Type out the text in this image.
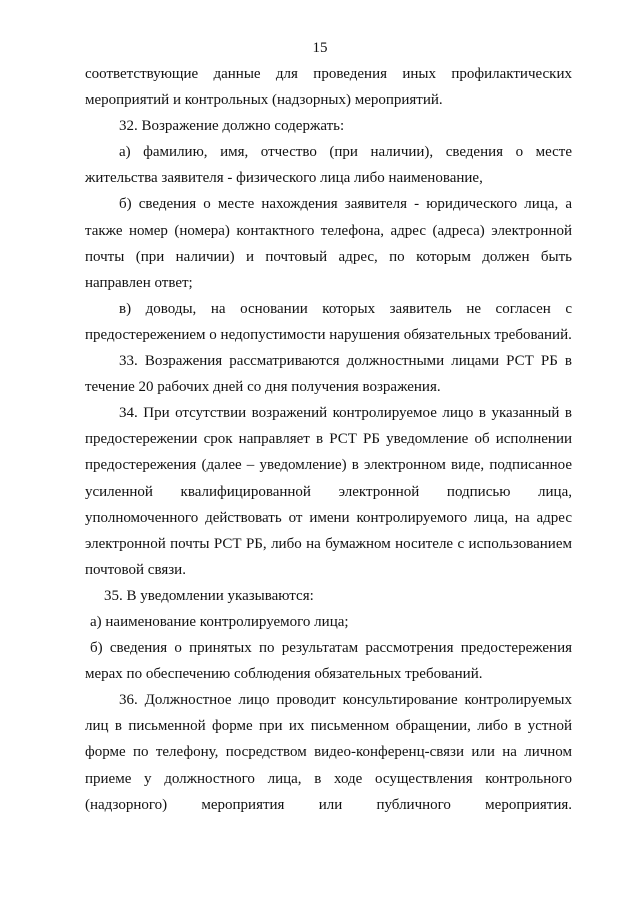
15

соответствующие данные для проведения иных профилактических мероприятий и контрольных (надзорных) мероприятий.

32. Возражение должно содержать:

а) фамилию, имя, отчество (при наличии), сведения о месте жительства заявителя - физического лица либо наименование,

б) сведения о месте нахождения заявителя - юридического лица, а также номер (номера) контактного телефона, адрес (адреса) электронной почты (при наличии) и почтовый адрес, по которым должен быть направлен ответ;

в) доводы, на основании которых заявитель не согласен с предостережением о недопустимости нарушения обязательных требований.

33. Возражения рассматриваются должностными лицами РСТ РБ в течение 20 рабочих дней со дня получения возражения.

34. При отсутствии возражений контролируемое лицо в указанный в предостережении срок направляет в РСТ РБ уведомление об исполнении предостережения (далее – уведомление) в электронном виде, подписанное усиленной квалифицированной электронной подписью лица, уполномоченного действовать от имени контролируемого лица, на адрес электронной почты РСТ РБ, либо на бумажном носителе с использованием почтовой связи.

35. В уведомлении указываются:

а) наименование контролируемого лица;

б) сведения о принятых по результатам рассмотрения предостережения мерах по обеспечению соблюдения обязательных требований.

36. Должностное лицо проводит консультирование контролируемых лиц в письменной форме при их письменном обращении, либо в устной форме по телефону, посредством видео-конференц-связи или на личном приеме у должностного лица, в ходе осуществления контрольного (надзорного) мероприятия или публичного мероприятия.
